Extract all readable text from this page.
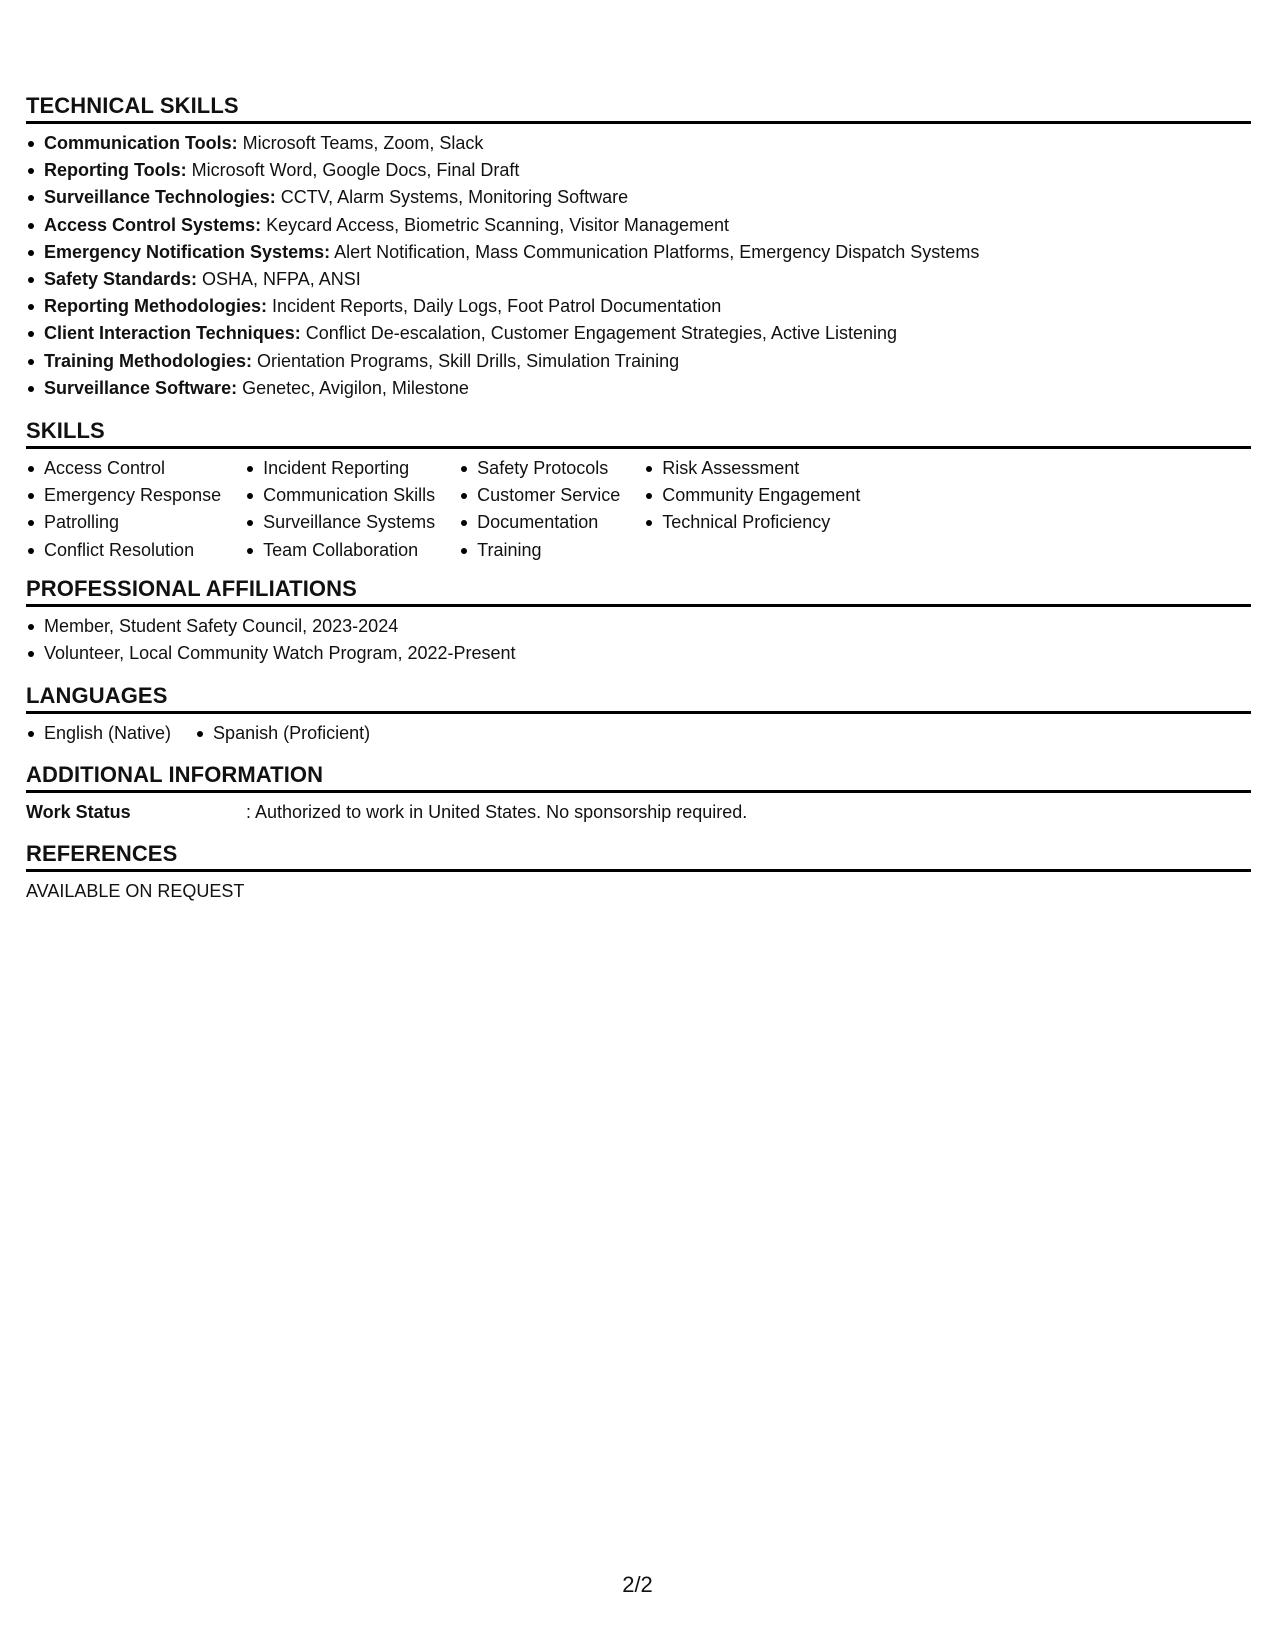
TECHNICAL SKILLS
Communication Tools: Microsoft Teams, Zoom, Slack
Reporting Tools: Microsoft Word, Google Docs, Final Draft
Surveillance Technologies: CCTV, Alarm Systems, Monitoring Software
Access Control Systems: Keycard Access, Biometric Scanning, Visitor Management
Emergency Notification Systems: Alert Notification, Mass Communication Platforms, Emergency Dispatch Systems
Safety Standards: OSHA, NFPA, ANSI
Reporting Methodologies: Incident Reports, Daily Logs, Foot Patrol Documentation
Client Interaction Techniques: Conflict De-escalation, Customer Engagement Strategies, Active Listening
Training Methodologies: Orientation Programs, Skill Drills, Simulation Training
Surveillance Software: Genetec, Avigilon, Milestone
SKILLS
Access Control
Emergency Response
Patrolling
Conflict Resolution
Incident Reporting
Communication Skills
Surveillance Systems
Team Collaboration
Safety Protocols
Customer Service
Documentation
Training
Risk Assessment
Community Engagement
Technical Proficiency
PROFESSIONAL AFFILIATIONS
Member, Student Safety Council, 2023-2024
Volunteer, Local Community Watch Program, 2022-Present
LANGUAGES
English (Native)	Spanish (Proficient)
ADDITIONAL INFORMATION
Work Status	: Authorized to work in United States. No sponsorship required.
REFERENCES
AVAILABLE ON REQUEST
2/2
